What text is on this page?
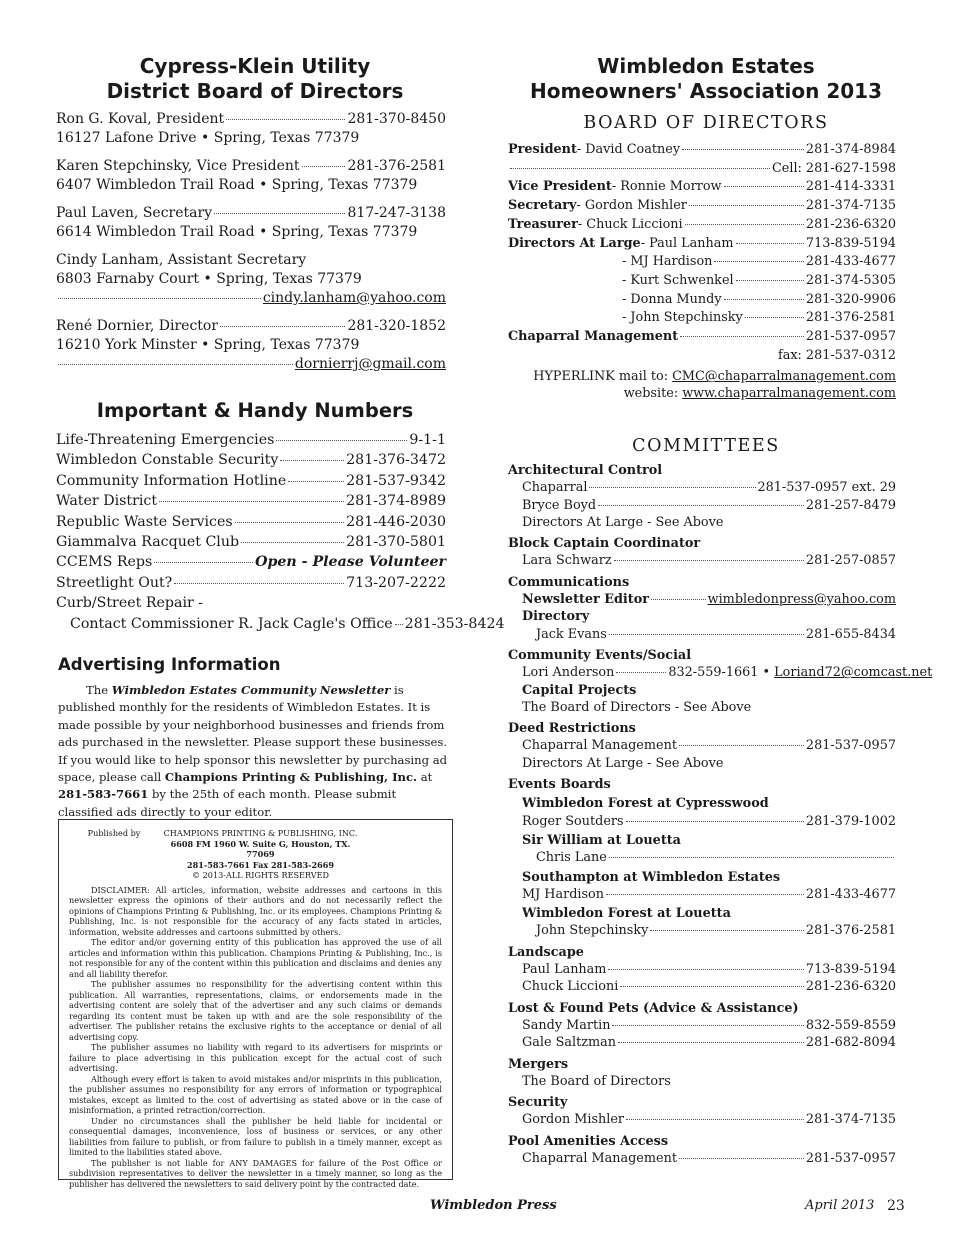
Cypress-Klein Utility
District Board of Directors
Ron G. Koval, President	281-370-8450
16127 Lafone Drive • Spring, Texas 77379
Karen Stepchinsky, Vice President	281-376-2581
6407 Wimbledon Trail Road • Spring, Texas 77379
Paul Laven, Secretary	817-247-3138
6614 Wimbledon Trail Road • Spring, Texas 77379
Cindy Lanham, Assistant Secretary
6803 Farnaby Court • Spring, Texas 77379
cindy.lanham@yahoo.com
René Dornier, Director	281-320-1852
16210 York Minster • Spring, Texas 77379
dornierrj@gmail.com
Important & Handy Numbers
Life-Threatening Emergencies	9-1-1
Wimbledon Constable Security	281-376-3472
Community Information Hotline	281-537-9342
Water District	281-374-8989
Republic Waste Services	281-446-2030
Giammalva Racquet Club	281-370-5801
CCEMS Reps	Open - Please Volunteer
Streetlight Out?	713-207-2222
Curb/Street Repair -
Contact Commissioner R. Jack Cagle's Office 281-353-8424
Advertising Information

The Wimbledon Estates Community Newsletter is published monthly for the residents of Wimbledon Estates. It is made possible by your neighborhood businesses and friends from ads purchased in the newsletter. Please support these businesses. If you would like to help sponsor this newsletter by purchasing ad space, please call Champions Printing & Publishing, Inc. at 281-583-7661 by the 25th of each month. Please submit classified ads directly to your editor.

Published by	CHAMPIONS PRINTING & PUBLISHING, INC.
6608 FM 1960 W. Suite G, Houston, TX. 77069
281-583-7661 Fax 281-583-2669
© 2013-ALL RIGHTS RESERVED

DISCLAIMER: All articles, information, website addresses and cartoons in this newsletter express the opinions of their authors and do not necessarily reflect the opinions of Champions Printing & Publishing, Inc. or its employees. Champions Printing & Publishing, Inc. is not responsible for the accuracy of any facts stated in articles, information, website addresses and cartoons submitted by others.

The editor and/or governing entity of this publication has approved the use of all articles and information within this publication. Champions Printing & Publishing, Inc., is not responsible for any of the content within this publication and disclaims and denies any and all liability therefor.

The publisher assumes no responsibility for the advertising content within this publication. All warranties, representations, claims, or endorsements made in the advertising content are solely that of the advertiser and any such claims or demands regarding its content must be taken up with and are the sole responsibility of the advertiser. The publisher retains the exclusive rights to the acceptance or denial of all advertising copy.

The publisher assumes no liability with regard to its advertisers for misprints or failure to place advertising in this publication except for the actual cost of such advertising.

Although every effort is taken to avoid mistakes and/or misprints in this publication, the publisher assumes no responsibility for any errors of information or typographical mistakes, except as limited to the cost of advertising as stated above or in the case of misinformation, a printed retraction/correction.

Under no circumstances shall the publisher be held liable for incidental or consequential damages, inconvenience, loss of business or services, or any other liabilities from failure to publish, or from failure to publish in a timely manner, except as limited to the liabilities stated above.

The publisher is not liable for ANY DAMAGES for failure of the Post Office or subdivision representatives to deliver the newsletter in a timely manner, so long as the publisher has delivered the newsletters to said delivery point by the contracted date.

Wimbledon Estates
Homeowners' Association 2013
BOARD OF DIRECTORS
President - David Coatney	281-374-8984
Cell: 281-627-1598
Vice President - Ronnie Morrow	281-414-3331
Secretary - Gordon Mishler	281-374-7135
Treasurer - Chuck Liccioni	281-236-6320
Directors At Large - Paul Lanham	713-839-5194
- MJ Hardison	281-433-4677
- Kurt Schwenkel	281-374-5305
- Donna Mundy	281-320-9906
- John Stepchinsky	281-376-2581
Chaparral Management	281-537-0957
fax: 281-537-0312
HYPERLINK mail to: CMC@chaparralmanagement.com
website: www.chaparralmanagement.com
COMMITTEES
Architectural Control
Chaparral	281-537-0957 ext. 29
Bryce Boyd	281-257-8479
Directors At Large - See Above
Block Captain Coordinator
Lara Schwarz	281-257-0857
Communications
Newsletter Editor	wimbledonpress@yahoo.com
Directory
Jack Evans	281-655-8434
Community Events/Social
Lori Anderson	832-559-1661 •
Loriand72@comcast.net
Capital Projects
The Board of Directors - See Above
Deed Restrictions
Chaparral Management	281-537-0957
Directors At Large - See Above
Events Boards
Wimbledon Forest at Cypresswood
Roger Soutders	281-379-1002
Sir William at Louetta
Chris Lane
Southampton at Wimbledon Estates
MJ Hardison	281-433-4677
Wimbledon Forest at Louetta
John Stepchinsky	281-376-2581
Landscape
Paul Lanham	713-839-5194
Chuck Liccioni	281-236-6320
Lost & Found Pets (Advice & Assistance)
Sandy Martin	832-559-8559
Gale Saltzman	281-682-8094
Mergers
The Board of Directors
Security
Gordon Mishler	281-374-7135
Pool Amenities Access
Chaparral Management	281-537-0957
Wimbledon Press	April 2013 23
